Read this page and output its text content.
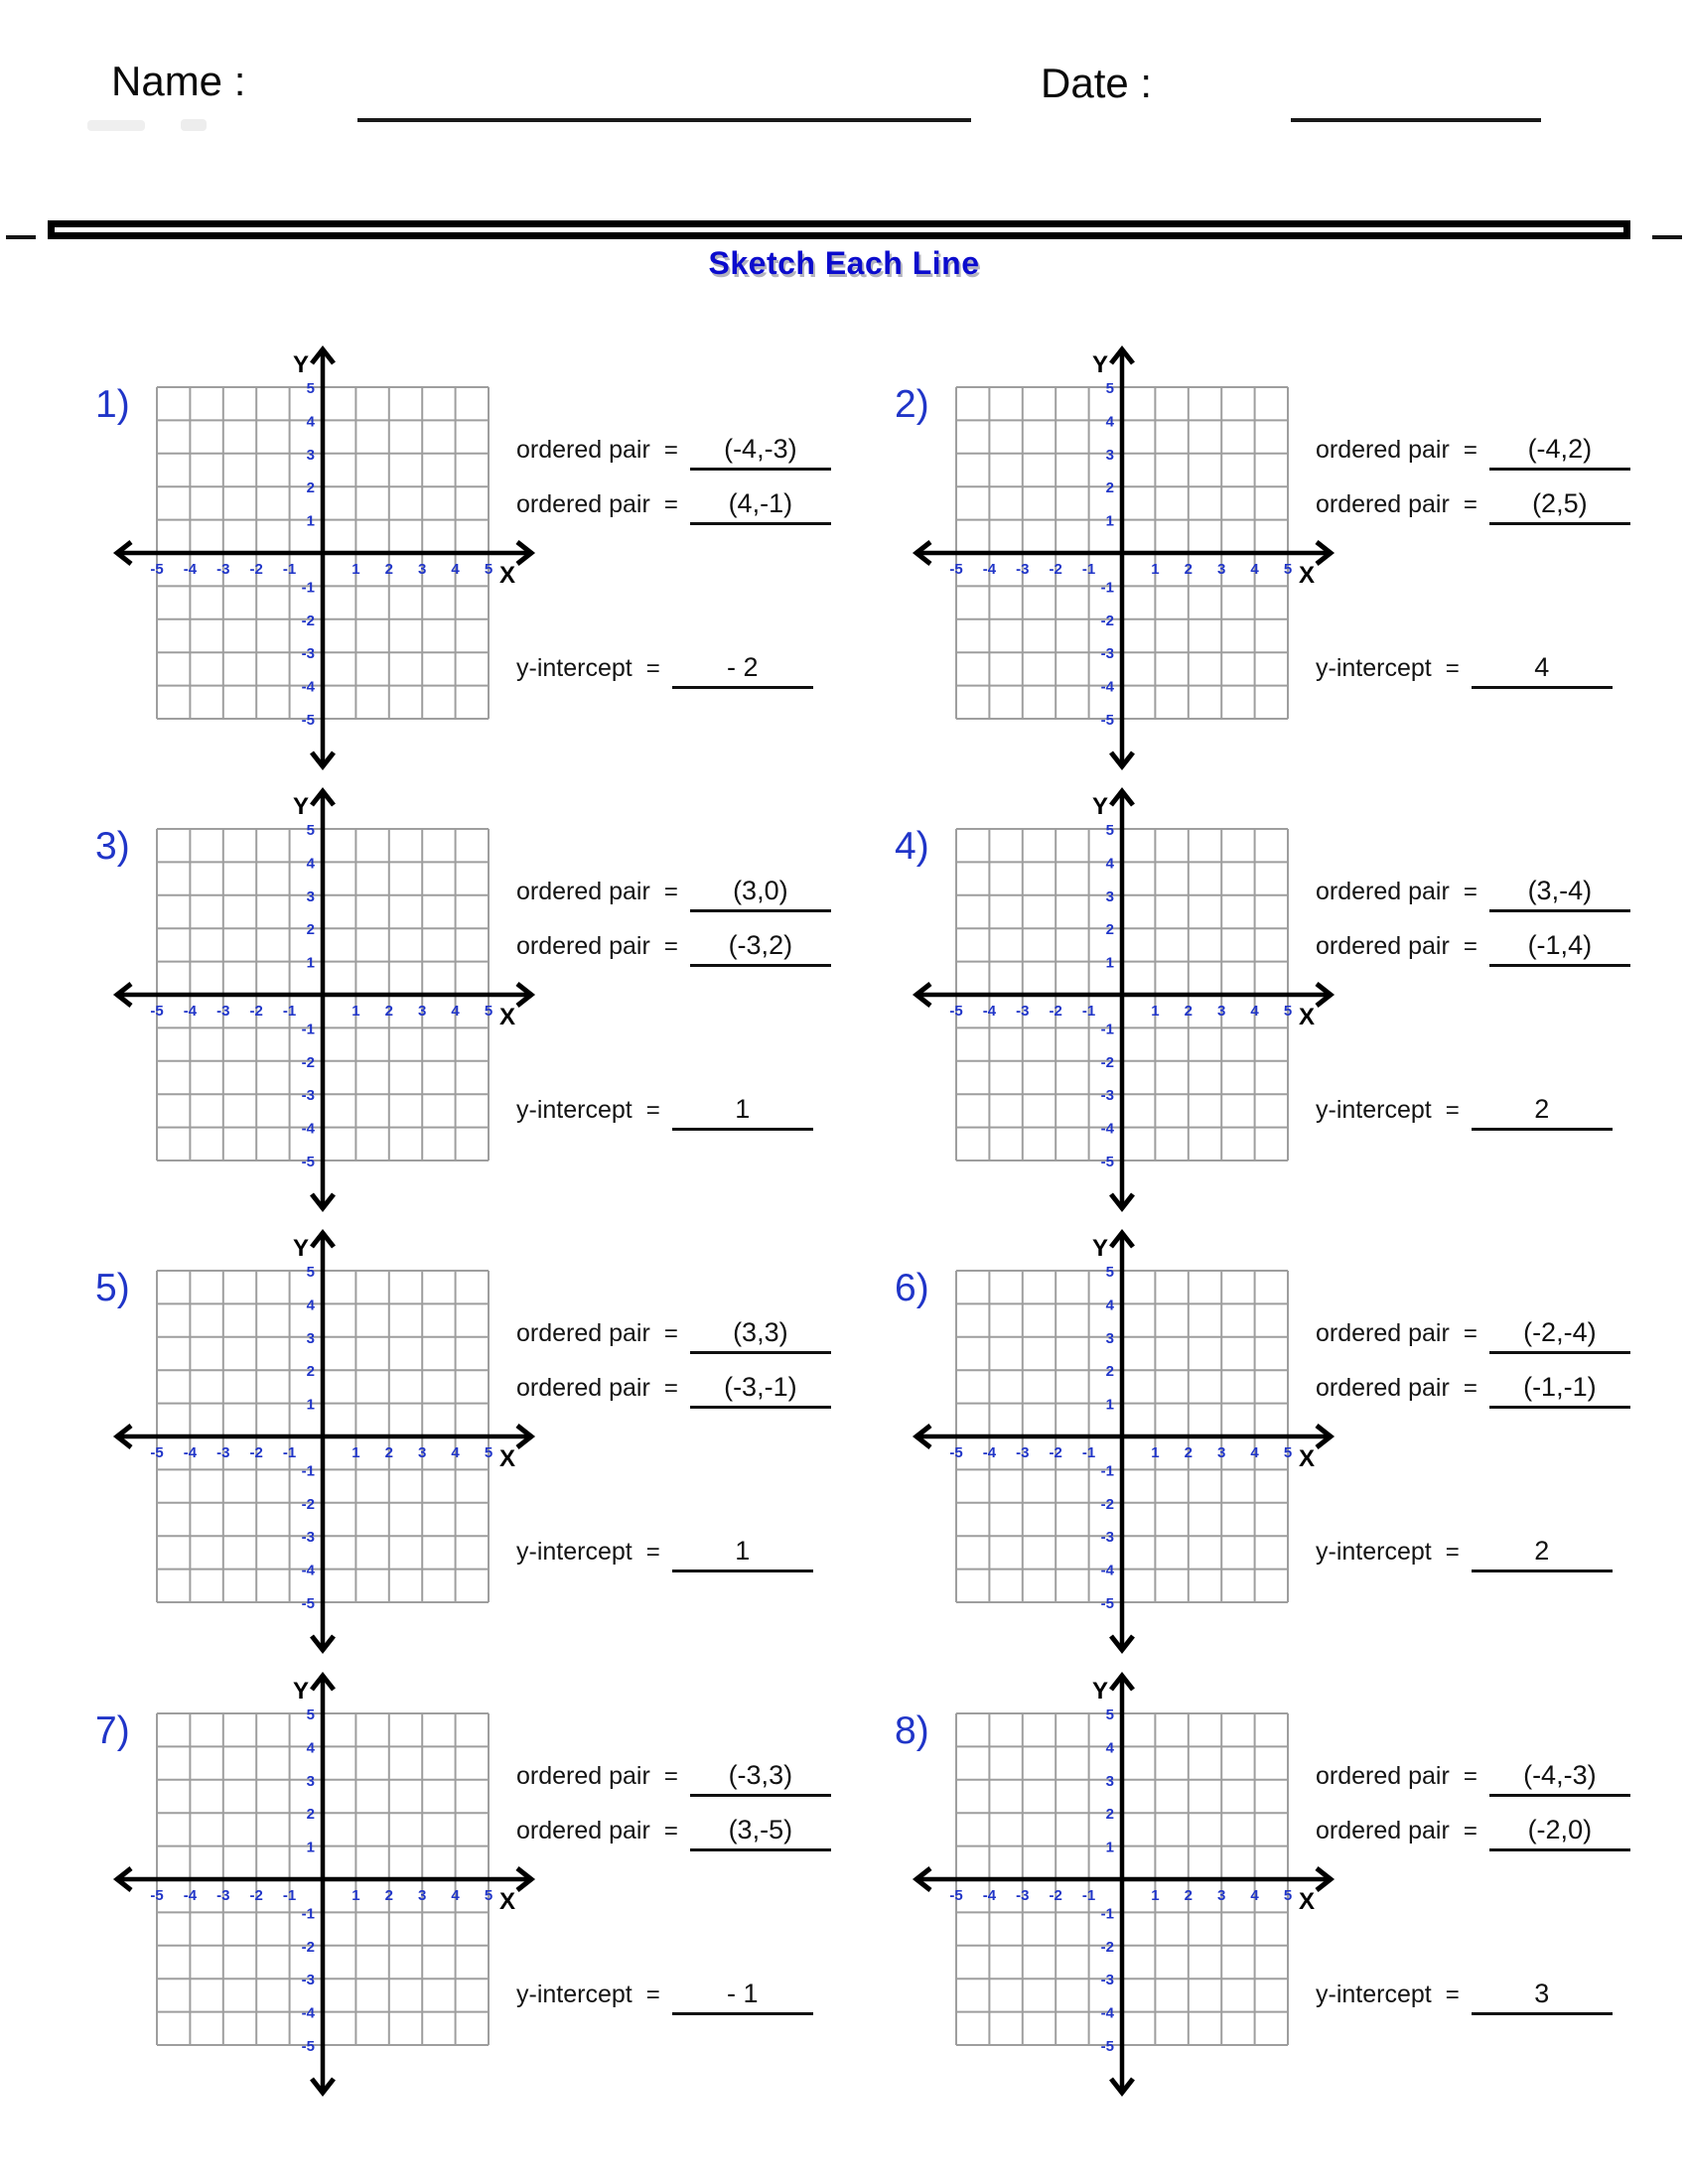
Name :	Date :
Sketch Each Line
1)
Y
X
-5 -4 -3 -2 -1	1 2 3 4 5
5
4
3
2
1
-1
-2
-3
-4
-5
ordered pair = (-4,-3)
ordered pair = (4,-1)
y-intercept = - 2
2)
Y
X
-5 -4 -3 -2 -1	1 2 3 4 5
5
4
3
2
1
-1
-2
-3
-4
-5
ordered pair = (-4,2)
ordered pair = (2,5)
y-intercept =	4
3)
Y
X
-5 -4 -3 -2 -1	1 2 3 4 5
5
4
3
2
1
-1
-2
-3
-4
-5
ordered pair = (3,0)
ordered pair = (-3,2)
y-intercept =	1
4)
Y
X
-5 -4 -3 -2 -1	1 2 3 4 5
5
4
3
2
1
-1
-2
-3
-4
-5
ordered pair = (3,-4)
ordered pair = (-1,4)
y-intercept =	2
5)
Y
X
-5 -4 -3 -2 -1	1 2 3 4 5
5
4
3
2
1
-1
-2
-3
-4
-5
ordered pair = (3,3)
ordered pair = (-3,-1)
y-intercept =	1
6)
Y
X
-5 -4 -3 -2 -1	1 2 3 4 5
5
4
3
2
1
-1
-2
-3
-4
-5
ordered pair = (-2,-4)
ordered pair = (-1,-1)
y-intercept =	2
7)
Y
X
-5 -4 -3 -2 -1	1 2 3 4 5
5
4
3
2
1
-1
-2
-3
-4
-5
ordered pair = (-3,3)
ordered pair = (3,-5)
y-intercept = - 1
8)
Y
X
-5 -4 -3 -2 -1	1 2 3 4 5
5
4
3
2
1
-1
-2
-3
-4
-5
ordered pair = (-4,-3)
ordered pair = (-2,0)
y-intercept =	3
